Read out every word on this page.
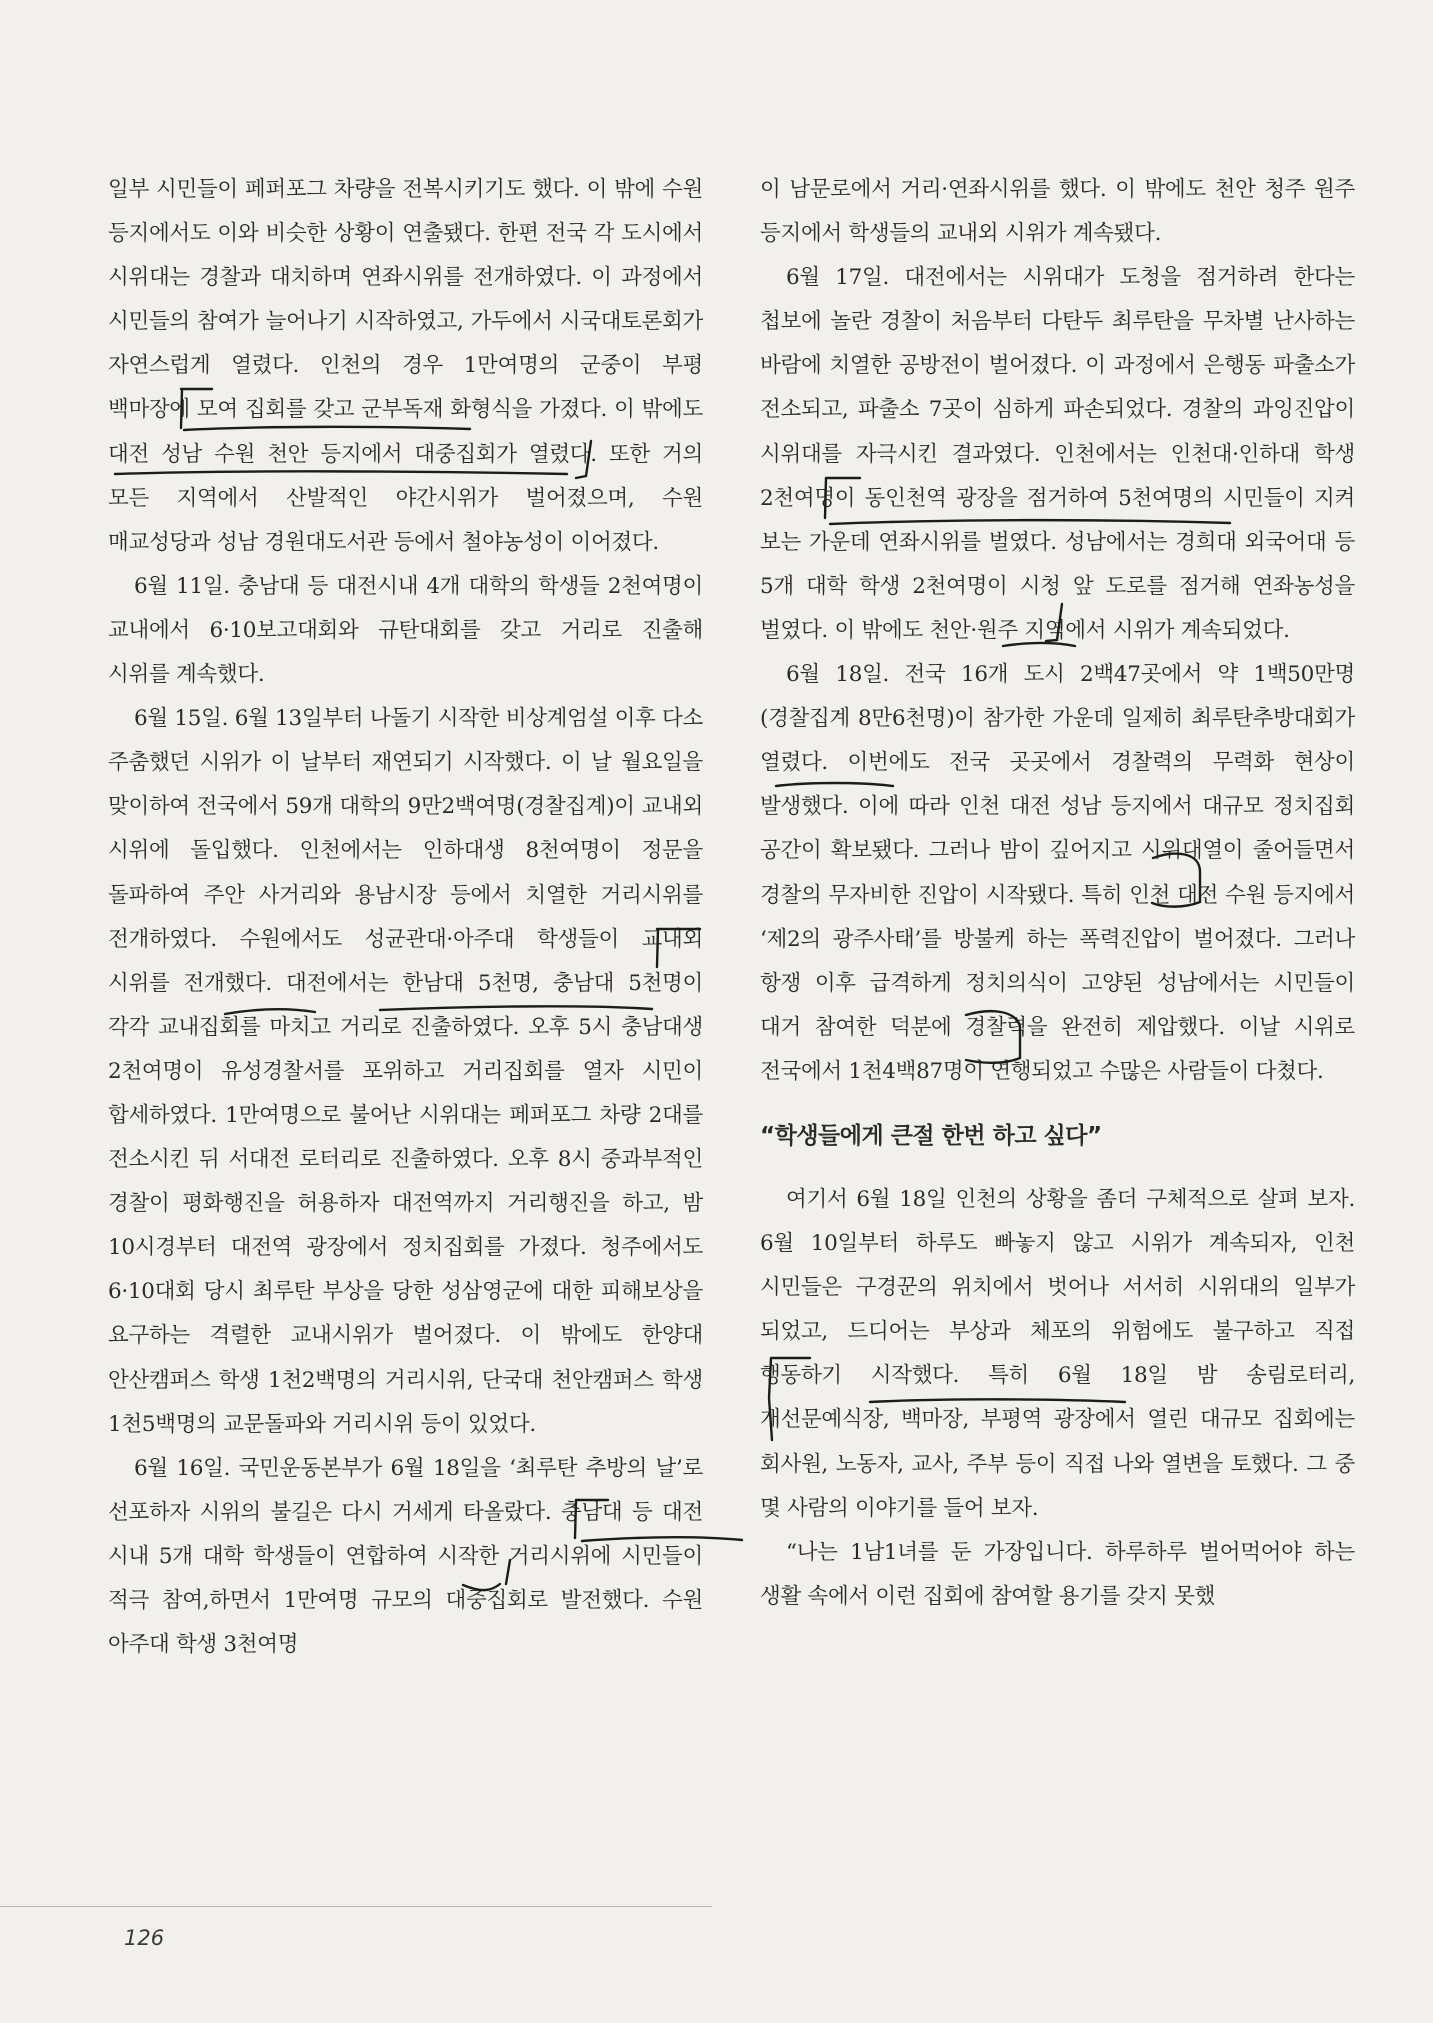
일부 시민들이 페퍼포그 차량을 전복시키기도 했다. 이 밖에 수원 등지에서도 이와 비슷한 상황이 연출됐다. 한편 전국 각 도시에서 시위대는 경찰과 대치하며 연좌시위를 전개하였다. 이 과정에서 시민들의 참여가 늘어나기 시작하였고, 가두에서 시국대토론회가 자연스럽게 열렸다. 인천의 경우 1만여명의 군중이 부평 백마장에 모여 집회를 갖고 군부독재 화형식을 가졌다. 이 밖에도 대전 성남 수원 천안 등지에서 대중집회가 열렸다. 또한 거의 모든 지역에서 산발적인 야간시위가 벌어졌으며, 수원 매교성당과 성남 경원대도서관 등에서 철야농성이 이어졌다.

6월 11일. 충남대 등 대전시내 4개 대학의 학생들 2천여명이 교내에서 6·10보고대회와 규탄대회를 갖고 거리로 진출해 시위를 계속했다.

6월 15일. 6월 13일부터 나돌기 시작한 비상계엄설 이후 다소 주춤했던 시위가 이 날부터 재연되기 시작했다. 이 날 월요일을 맞이하여 전국에서 59개 대학의 9만2백여명(경찰집계)이 교내외 시위에 돌입했다. 인천에서는 인하대생 8천여명이 정문을 돌파하여 주안 사거리와 용남시장 등에서 치열한 거리시위를 전개하였다. 수원에서도 성균관대·아주대 학생들이 교내외 시위를 전개했다. 대전에서는 한남대 5천명, 충남대 5천명이 각각 교내집회를 마치고 거리로 진출하였다. 오후 5시 충남대생 2천여명이 유성경찰서를 포위하고 거리집회를 열자 시민이 합세하였다. 1만여명으로 불어난 시위대는 페퍼포그 차량 2대를 전소시킨 뒤 서대전 로터리로 진출하였다. 오후 8시 중과부적인 경찰이 평화행진을 허용하자 대전역까지 거리행진을 하고, 밤 10시경부터 대전역 광장에서 정치집회를 가졌다. 청주에서도 6·10대회 당시 최루탄 부상을 당한 성삼영군에 대한 피해보상을 요구하는 격렬한 교내시위가 벌어졌다. 이 밖에도 한양대 안산캠퍼스 학생 1천2백명의 거리시위, 단국대 천안캠퍼스 학생 1천5백명의 교문돌파와 거리시위 등이 있었다.

6월 16일. 국민운동본부가 6월 18일을 ‘최루탄 추방의 날’로 선포하자 시위의 불길은 다시 거세게 타올랐다. 충남대 등 대전 시내 5개 대학 학생들이 연합하여 시작한 거리시위에 시민들이 적극 참여,하면서 1만여명 규모의 대중집회로 발전했다. 수원 아주대 학생 3천여명

이 남문로에서 거리·연좌시위를 했다. 이 밖에도 천안 청주 원주 등지에서 학생들의 교내외 시위가 계속됐다.

6월 17일. 대전에서는 시위대가 도청을 점거하려 한다는 첩보에 놀란 경찰이 처음부터 다탄두 최루탄을 무차별 난사하는 바람에 치열한 공방전이 벌어졌다. 이 과정에서 은행동 파출소가 전소되고, 파출소 7곳이 심하게 파손되었다. 경찰의 과잉진압이 시위대를 자극시킨 결과였다. 인천에서는 인천대·인하대 학생 2천여명이 동인천역 광장을 점거하여 5천여명의 시민들이 지켜 보는 가운데 연좌시위를 벌였다. 성남에서는 경희대 외국어대 등 5개 대학 학생 2천여명이 시청 앞 도로를 점거해 연좌농성을 벌였다. 이 밖에도 천안·원주 지역에서 시위가 계속되었다.

6월 18일. 전국 16개 도시 2백47곳에서 약 1백50만명(경찰집계 8만6천명)이 참가한 가운데 일제히 최루탄추방대회가 열렸다. 이번에도 전국 곳곳에서 경찰력의 무력화 현상이 발생했다. 이에 따라 인천 대전 성남 등지에서 대규모 정치집회 공간이 확보됐다. 그러나 밤이 깊어지고 시위대열이 줄어들면서 경찰의 무자비한 진압이 시작됐다. 특히 인천 대전 수원 등지에서 ‘제2의 광주사태’를 방불케 하는 폭력진압이 벌어졌다. 그러나 항쟁 이후 급격하게 정치의식이 고양된 성남에서는 시민들이 대거 참여한 덕분에 경찰력을 완전히 제압했다. 이날 시위로 전국에서 1천4백87명이 연행되었고 수많은 사람들이 다쳤다.

“학생들에게 큰절 한번 하고 싶다”

여기서 6월 18일 인천의 상황을 좀더 구체적으로 살펴 보자. 6월 10일부터 하루도 빠놓지 않고 시위가 계속되자, 인천 시민들은 구경꾼의 위치에서 벗어나 서서히 시위대의 일부가 되었고, 드디어는 부상과 체포의 위험에도 불구하고 직접 행동하기 시작했다. 특히 6월 18일 밤 송림로터리, 개선문예식장, 백마장, 부평역 광장에서 열린 대규모 집회에는 회사원, 노동자, 교사, 주부 등이 직접 나와 열변을 토했다. 그 중 몇 사람의 이야기를 들어 보자.

“나는 1남1녀를 둔 가장입니다. 하루하루 벌어먹어야 하는 생활 속에서 이런 집회에 참여할 용기를 갖지 못했

126
